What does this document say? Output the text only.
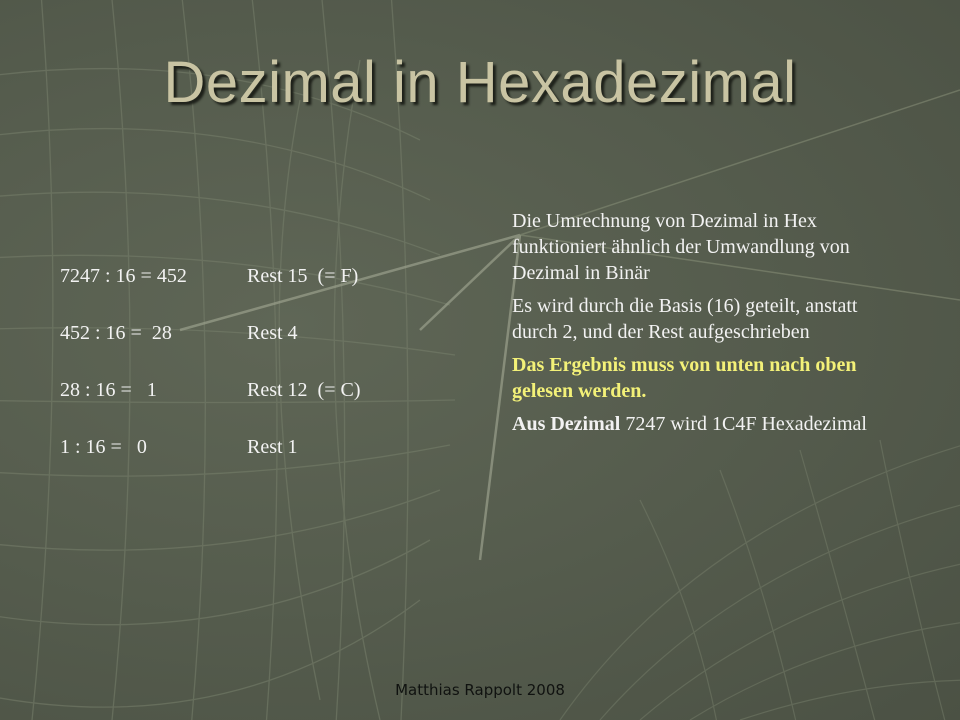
Dezimal in Hexadezimal
7247 : 16 = 452	Rest 15  (= F)
452 : 16 =  28	Rest 4
28 : 16 =   1	Rest 12  (= C)
1 : 16 =   0	Rest 1

Die Umrechnung von Dezimal in Hex funktioniert ähnlich der Umwandlung von Dezimal in Binär

Es wird durch die Basis (16) geteilt, anstatt durch 2, und der Rest aufgeschrieben

Das Ergebnis muss von unten nach oben gelesen werden.

Aus Dezimal 7247 wird 1C4F Hexadezimal

Matthias Rappolt 2008
